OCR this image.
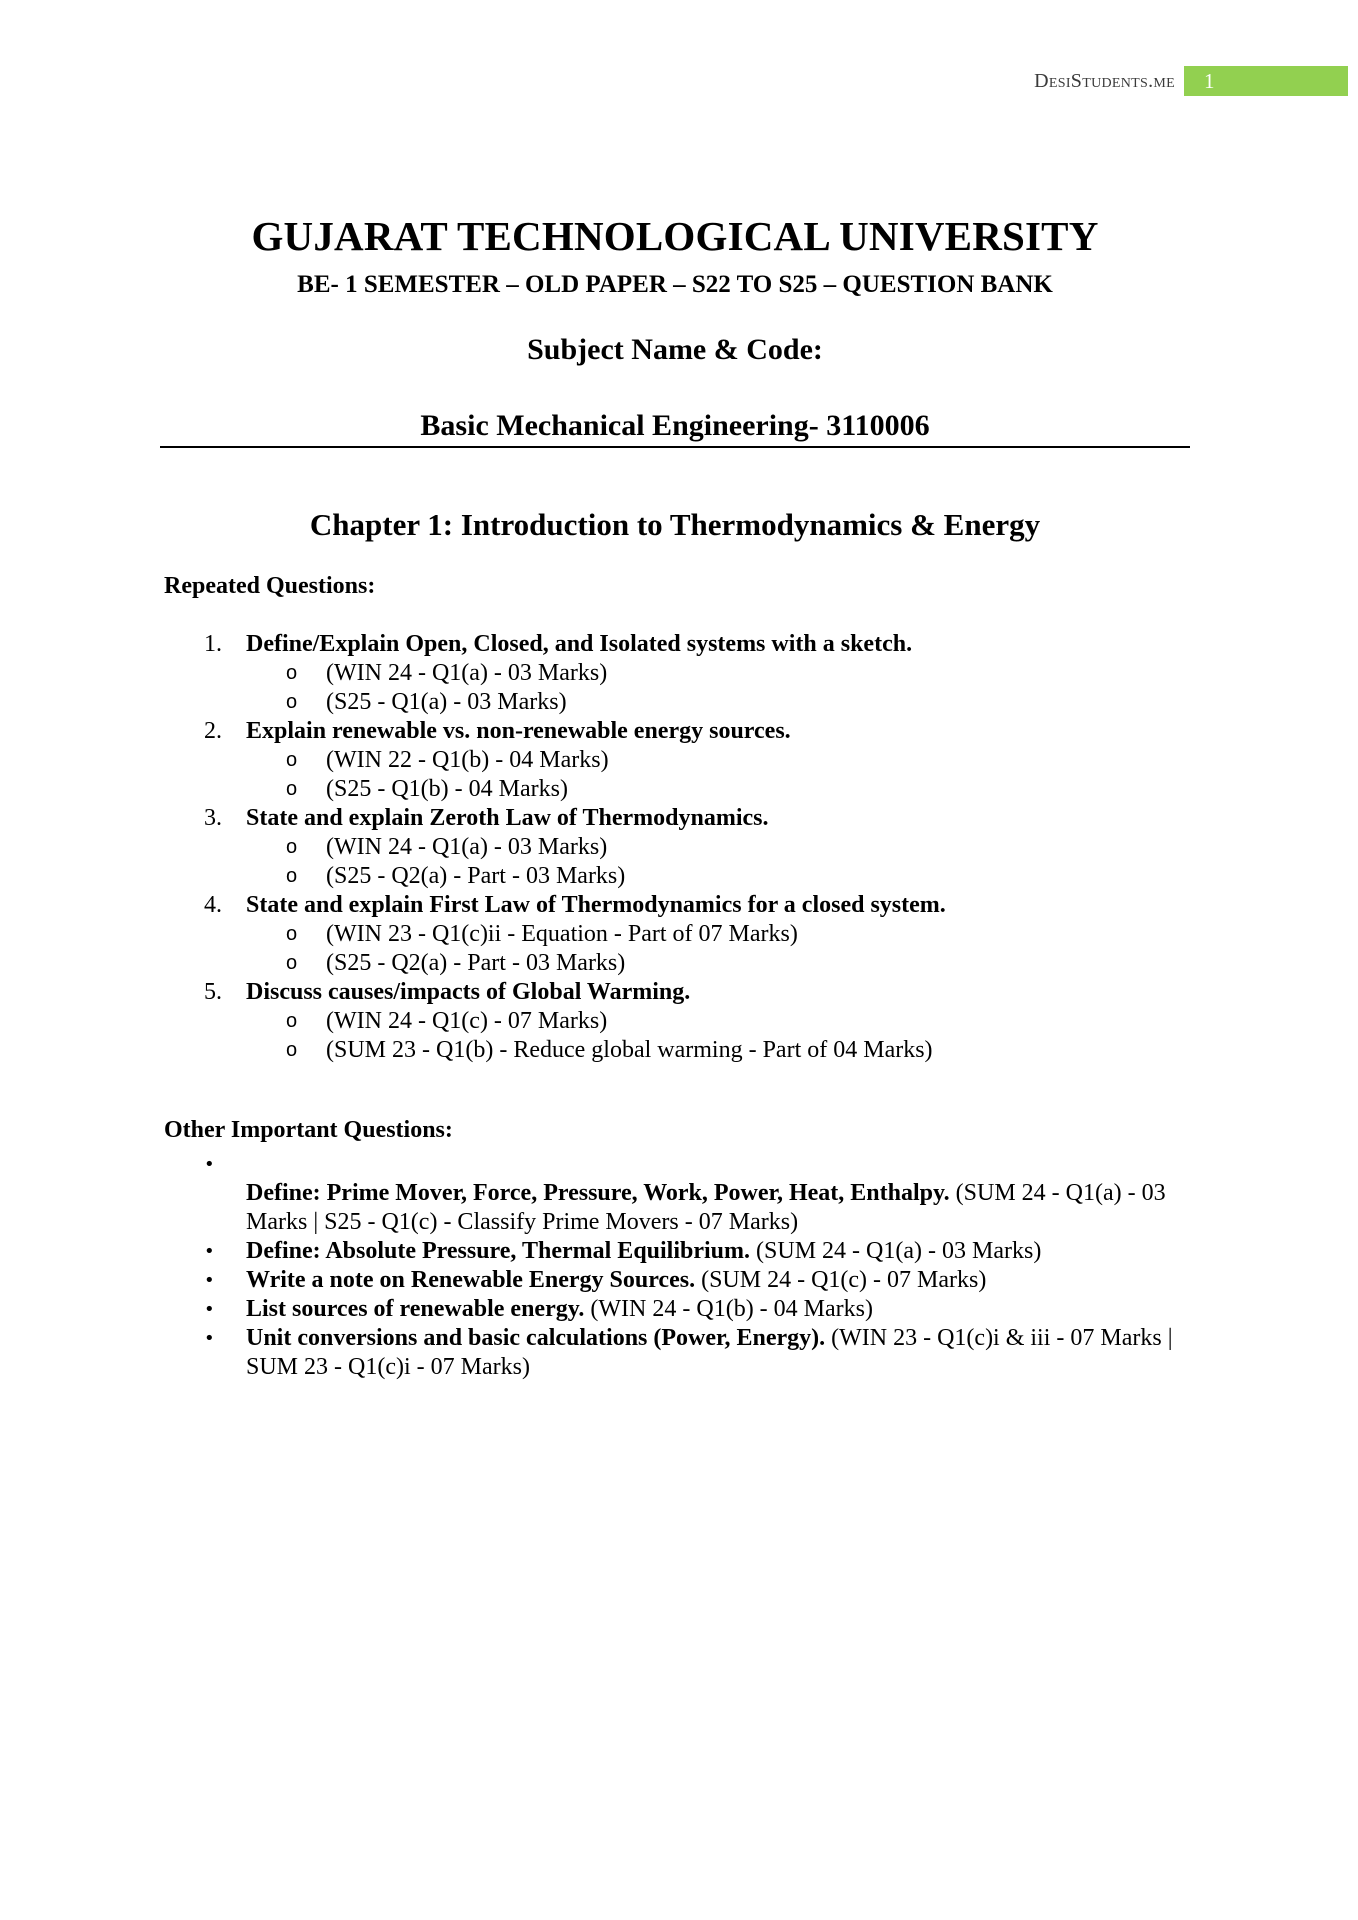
DesiStudents.me	1
GUJARAT TECHNOLOGICAL UNIVERSITY
BE- 1 SEMESTER – OLD PAPER – S22 TO S25 – QUESTION BANK
Subject Name & Code:
Basic Mechanical Engineering- 3110006
Chapter 1: Introduction to Thermodynamics & Energy
Repeated Questions:
1. Define/Explain Open, Closed, and Isolated systems with a sketch.
o (WIN 24 - Q1(a) - 03 Marks)
o (S25 - Q1(a) - 03 Marks)
2. Explain renewable vs. non-renewable energy sources.
o (WIN 22 - Q1(b) - 04 Marks)
o (S25 - Q1(b) - 04 Marks)
3. State and explain Zeroth Law of Thermodynamics.
o (WIN 24 - Q1(a) - 03 Marks)
o (S25 - Q2(a) - Part - 03 Marks)
4. State and explain First Law of Thermodynamics for a closed system.
o (WIN 23 - Q1(c)ii - Equation - Part of 07 Marks)
o (S25 - Q2(a) - Part - 03 Marks)
5. Discuss causes/impacts of Global Warming.
o (WIN 24 - Q1(c) - 07 Marks)
o (SUM 23 - Q1(b) - Reduce global warming - Part of 04 Marks)
Other Important Questions:
•
Define: Prime Mover, Force, Pressure, Work, Power, Heat, Enthalpy. (SUM 24 - Q1(a) - 03 Marks | S25 - Q1(c) - Classify Prime Movers - 07 Marks)
• Define: Absolute Pressure, Thermal Equilibrium. (SUM 24 - Q1(a) - 03 Marks)
• Write a note on Renewable Energy Sources. (SUM 24 - Q1(c) - 07 Marks)
• List sources of renewable energy. (WIN 24 - Q1(b) - 04 Marks)
• Unit conversions and basic calculations (Power, Energy). (WIN 23 - Q1(c)i & iii - 07 Marks | SUM 23 - Q1(c)i - 07 Marks)
